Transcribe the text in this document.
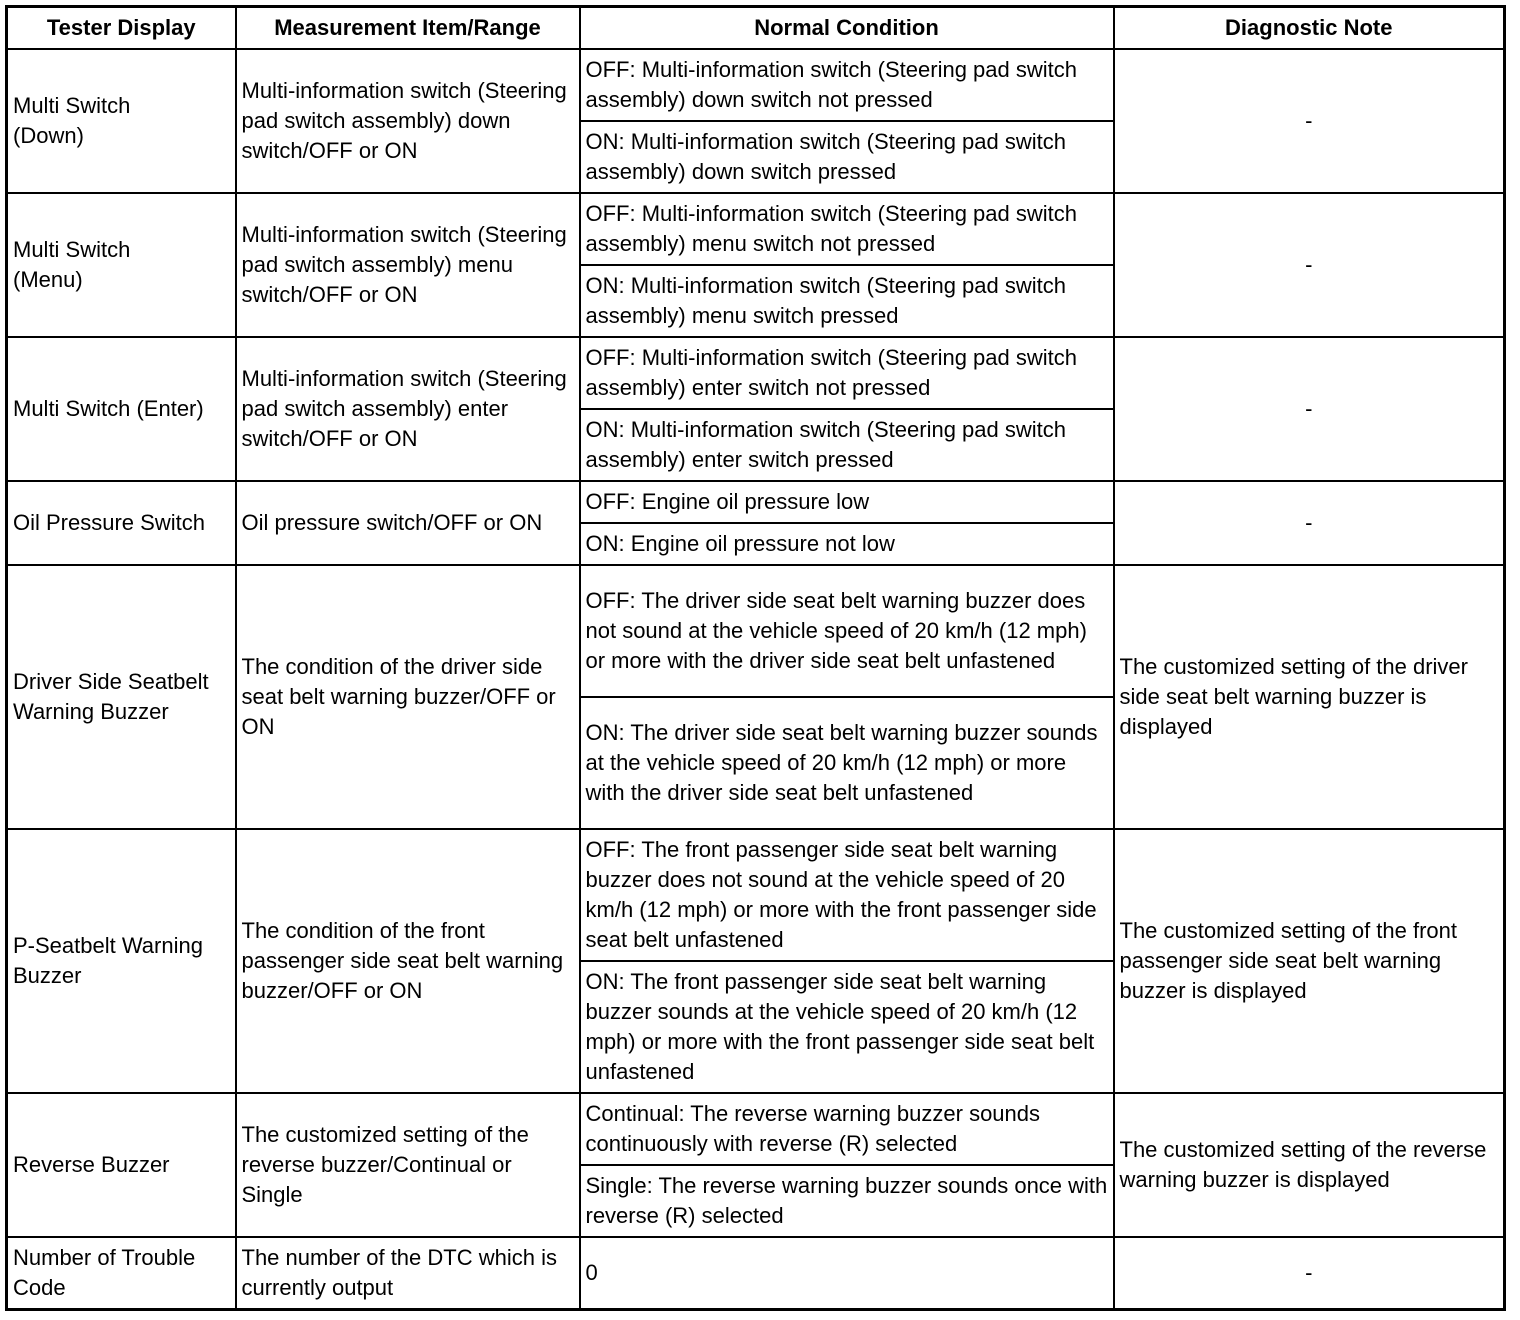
Tester Display	Measurement Item/Range	Normal Condition	Diagnostic Note
Multi Switch
(Down)	Multi-information switch (Steering pad switch assembly) down switch/OFF or ON	OFF: Multi-information switch (Steering pad switch assembly) down switch not pressed	-
		ON: Multi-information switch (Steering pad switch assembly) down switch pressed	
Multi Switch
(Menu)	Multi-information switch (Steering pad switch assembly) menu switch/OFF or ON	OFF: Multi-information switch (Steering pad switch assembly) menu switch not pressed	-
		ON: Multi-information switch (Steering pad switch assembly) menu switch pressed	
Multi Switch (Enter)	Multi-information switch (Steering pad switch assembly) enter switch/OFF or ON	OFF: Multi-information switch (Steering pad switch assembly) enter switch not pressed	-
		ON: Multi-information switch (Steering pad switch assembly) enter switch pressed	
Oil Pressure Switch	Oil pressure switch/OFF or ON	OFF: Engine oil pressure low	-
		ON: Engine oil pressure not low	
Driver Side Seatbelt Warning Buzzer	The condition of the driver side seat belt warning buzzer/OFF or ON	OFF: The driver side seat belt warning buzzer does not sound at the vehicle speed of 20 km/h (12 mph) or more with the driver side seat belt unfastened	The customized setting of the driver side seat belt warning buzzer is displayed
		ON: The driver side seat belt warning buzzer sounds at the vehicle speed of 20 km/h (12 mph) or more with the driver side seat belt unfastened	
P-Seatbelt Warning Buzzer	The condition of the front passenger side seat belt warning buzzer/OFF or ON	OFF: The front passenger side seat belt warning buzzer does not sound at the vehicle speed of 20 km/h (12 mph) or more with the front passenger side seat belt unfastened	The customized setting of the front passenger side seat belt warning buzzer is displayed
		ON: The front passenger side seat belt warning buzzer sounds at the vehicle speed of 20 km/h (12 mph) or more with the front passenger side seat belt unfastened	
Reverse Buzzer	The customized setting of the reverse buzzer/Continual or Single	Continual: The reverse warning buzzer sounds continuously with reverse (R) selected	The customized setting of the reverse warning buzzer is displayed
		Single: The reverse warning buzzer sounds once with reverse (R) selected	
Number of Trouble Code	The number of the DTC which is currently output	0	-
